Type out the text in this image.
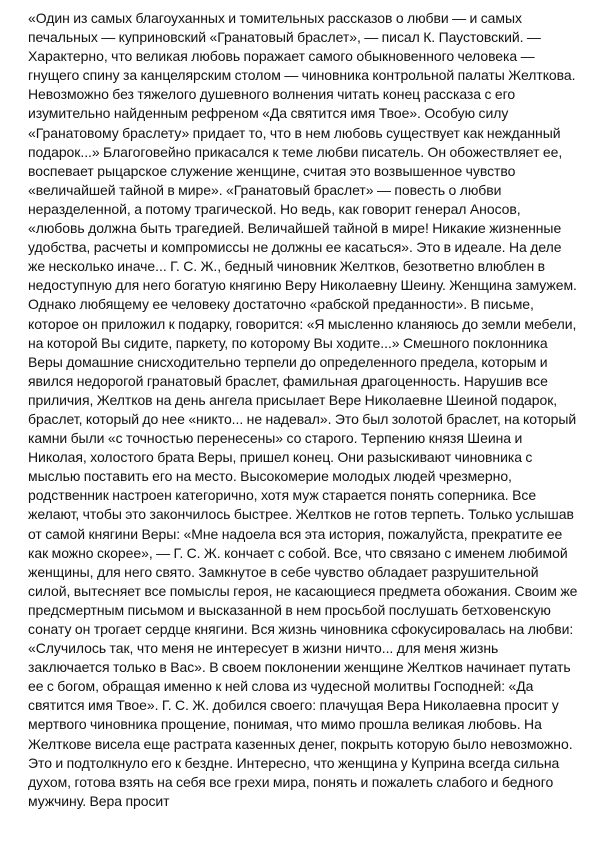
«Один из самых благоуханных и томительных рассказов о любви — и самых печальных — куприновский «Гранатовый браслет», — писал К. Паустовский. — Характерно, что великая любовь поражает самого обыкновенного человека — гнущего спину за канцелярским столом — чиновника контрольной палаты Желткова. Невозможно без тяжелого душевного волнения читать конец рассказа с его изумительно найденным рефреном «Да святится имя Твое». Особую силу «Гранатовому браслету» придает то, что в нем любовь существует как нежданный подарок...» Благоговейно прикасался к теме любви писатель. Он обожествляет ее, воспевает рыцарское служение женщине, считая это возвышенное чувство «величайшей тайной в мире». «Гранатовый браслет» — повесть о любви неразделенной, а потому трагической. Но ведь, как говорит генерал Аносов, «любовь должна быть трагедией. Величайшей тайной в мире! Никакие жизненные удобства, расчеты и компромиссы не должны ее касаться». Это в идеале. На деле же несколько иначе... Г. С. Ж., бедный чиновник Желтков, безответно влюблен в недоступную для него богатую княгиню Веру Николаевну Шеину. Женщина замужем. Однако любящему ее человеку достаточно «рабской преданности». В письме, которое он приложил к подарку, говорится: «Я мысленно кланяюсь до земли мебели, на которой Вы сидите, паркету, по которому Вы ходите...» Смешного поклонника Веры домашние снисходительно терпели до определенного предела, которым и явился недорогой гранатовый браслет, фамильная драгоценность. Нарушив все приличия, Желтков на день ангела присылает Вере Николаевне Шеиной подарок, браслет, который до нее «никто... не надевал». Это был золотой браслет, на который камни были «с точностью перенесены» со старого. Терпению князя Шеина и Николая, холостого брата Веры, пришел конец. Они разыскивают чиновника с мыслью поставить его на место. Высокомерие молодых людей чрезмерно, родственник настроен категорично, хотя муж старается понять соперника. Все желают, чтобы это закончилось быстрее. Желтков не готов терпеть. Только услышав от самой княгини Веры: «Мне надоела вся эта история, пожалуйста, прекратите ее как можно скорее», — Г. С. Ж. кончает с собой. Все, что связано с именем любимой женщины, для него свято. Замкнутое в себе чувство обладает разрушительной силой, вытесняет все помыслы героя, не касающиеся предмета обожания. Своим же предсмертным письмом и высказанной в нем просьбой послушать бетховенскую сонату он трогает сердце княгини. Вся жизнь чиновника сфокусировалась на любви: «Случилось так, что меня не интересует в жизни ничто... для меня жизнь заключается только в Вас». В своем поклонении женщине Желтков начинает путать ее с богом, обращая именно к ней слова из чудесной молитвы Господней: «Да святится имя Твое». Г. С. Ж. добился своего: плачущая Вера Николаевна просит у мертвого чиновника прощение, понимая, что мимо прошла великая любовь. На Желткове висела еще растрата казенных денег, покрыть которую было невозможно. Это и подтолкнуло его к бездне. Интересно, что женщина у Куприна всегда сильна духом, готова взять на себя все грехи мира, понять и пожалеть слабого и бедного мужчину. Вера просит
